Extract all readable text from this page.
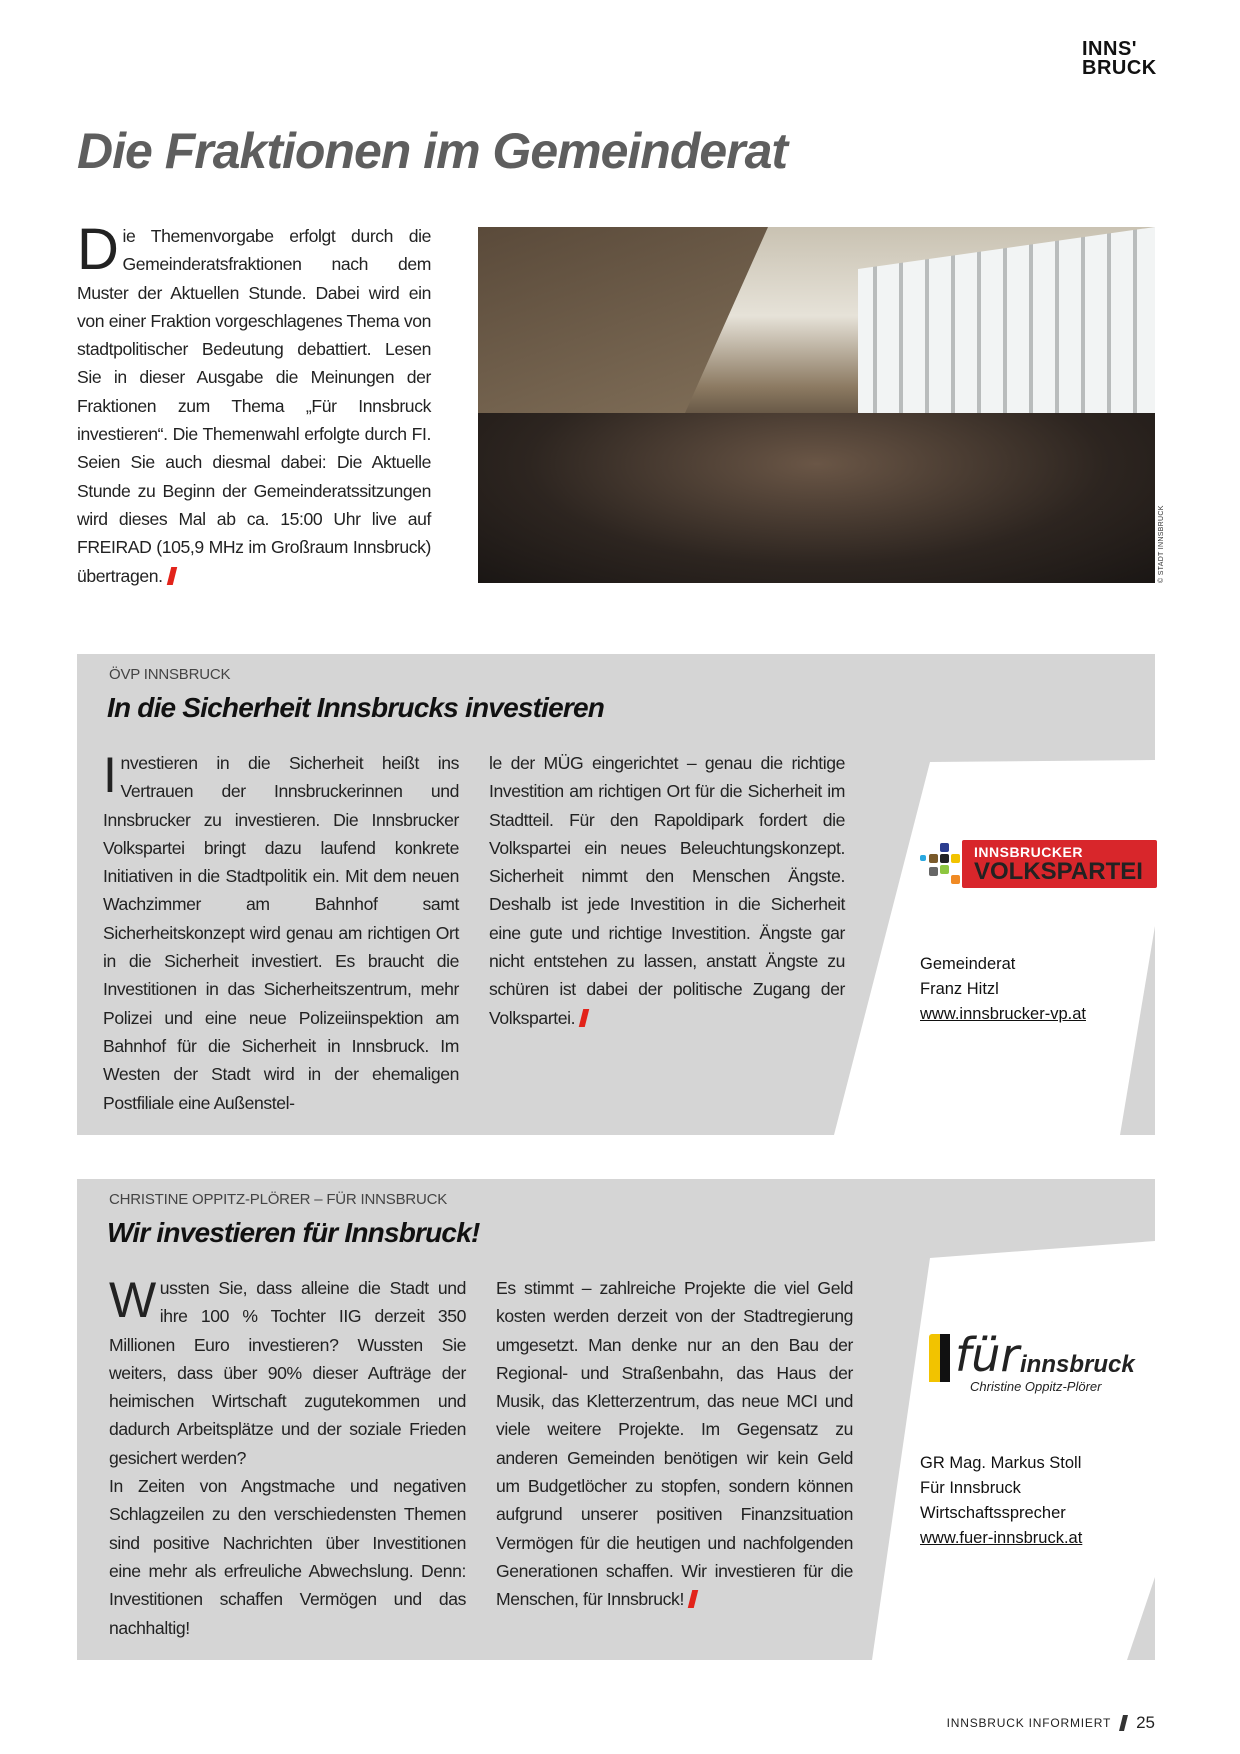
INNS'
BRUCK
Die Fraktionen im Gemeinderat

Die Themenvorgabe erfolgt durch die Gemeinderatsfraktionen nach dem Muster der Aktuellen Stunde. Dabei wird ein von einer Fraktion vorgeschlagenes Thema von stadtpolitischer Bedeutung debattiert. Lesen Sie in dieser Ausgabe die Meinungen der Fraktionen zum Thema „Für Innsbruck investieren“. Die Themenwahl erfolgte durch FI. Seien Sie auch diesmal dabei: Die Aktuelle Stunde zu Beginn der Gemeinderatssitzungen wird dieses Mal ab ca. 15:00 Uhr live auf FREIRAD (105,9 MHz im Großraum Innsbruck) übertragen.	© STADT INNSBRUCK
ÖVP INNSBRUCK
In die Sicherheit Innsbrucks investieren

Investieren in die Sicherheit heißt ins Vertrauen der Innsbruckerinnen und Innsbrucker zu investieren. Die Innsbrucker Volkspartei bringt dazu laufend konkrete Initiativen in die Stadtpolitik ein. Mit dem neuen Wachzimmer am Bahnhof samt Sicherheitskonzept wird genau am richtigen Ort in die Sicherheit investiert. Es braucht die Investitionen in das Sicherheitszentrum, mehr Polizei und eine neue Polizeiinspektion am Bahnhof für die Sicherheit in Innsbruck. Im Westen der Stadt wird in der ehemaligen Postfiliale eine Außenstel-

le der MÜG eingerichtet – genau die richtige Investition am richtigen Ort für die Sicherheit im Stadtteil. Für den Rapoldipark fordert die Volkspartei ein neues Beleuchtungskonzept. Sicherheit nimmt den Menschen Ängste. Deshalb ist jede Investition in die Sicherheit eine gute und richtige Investition. Ängste gar nicht entstehen zu lassen, anstatt Ängste zu schüren ist dabei der politische Zugang der Volkspartei.

INNSBRUCKER
VOLKSPARTEI
Gemeinderat
Franz Hitzl
www.innsbrucker-vp.at
CHRISTINE OPPITZ-PLÖRER – FÜR INNSBRUCK
Wir investieren für Innsbruck!

Wussten Sie, dass alleine die Stadt und ihre 100 % Tochter IIG derzeit 350 Millionen Euro investieren? Wussten Sie weiters, dass über 90% dieser Aufträge der heimischen Wirtschaft zugutekommen und dadurch Arbeitsplätze und der soziale Frieden gesichert werden?

In Zeiten von Angstmache und negativen Schlagzeilen zu den verschiedensten Themen sind positive Nachrichten über Investitionen eine mehr als erfreuliche Abwechslung. Denn: Investitionen schaffen Vermögen und das nachhaltig!

Es stimmt – zahlreiche Projekte die viel Geld kosten werden derzeit von der Stadtregierung umgesetzt. Man denke nur an den Bau der Regional- und Straßenbahn, das Haus der Musik, das Kletterzentrum, das neue MCI und viele weitere Projekte. Im Gegensatz zu anderen Gemeinden benötigen wir kein Geld um Budgetlöcher zu stopfen, sondern können aufgrund unserer positiven Finanzsituation Vermögen für die heutigen und nachfolgenden Generationen schaffen. Wir investieren für die Menschen, für Innsbruck!

für innsbruck
Christine Oppitz-Plörer
GR Mag. Markus Stoll
Für Innsbruck
Wirtschaftssprecher
www.fuer-innsbruck.at
INNSBRUCK INFORMIERT 25
